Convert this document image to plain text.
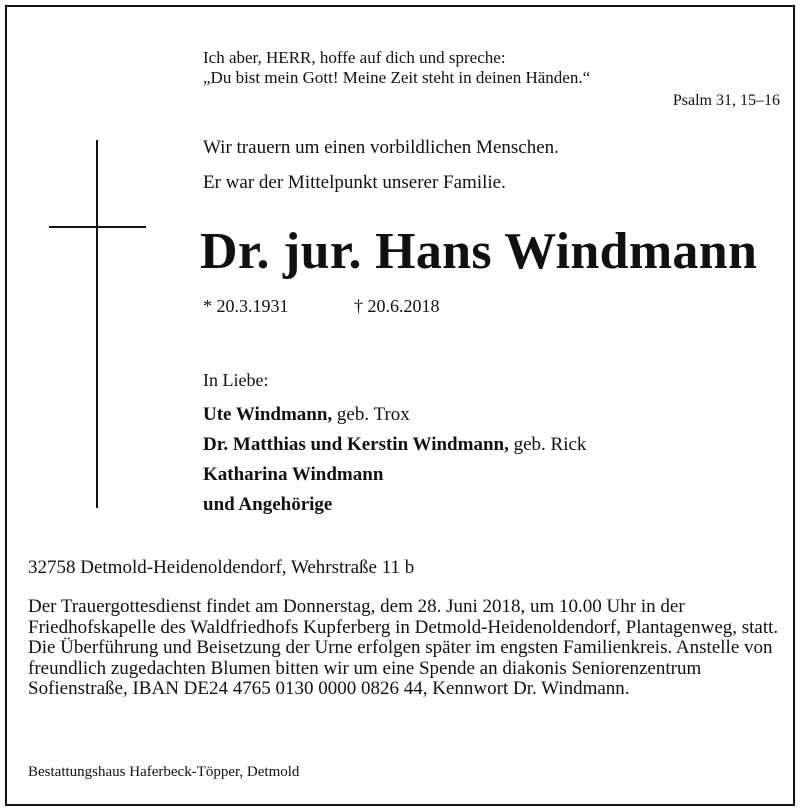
Ich aber, HERR, hoffe auf dich und spreche:
„Du bist mein Gott! Meine Zeit steht in deinen Händen.“
Psalm 31, 15–16
Wir trauern um einen vorbildlichen Menschen.
Er war der Mittelpunkt unserer Familie.
Dr. jur. Hans Windmann
* 20.3.1931	† 20.6.2018
In Liebe:
Ute Windmann, geb. Trox
Dr. Matthias und Kerstin Windmann, geb. Rick
Katharina Windmann
und Angehörige
32758 Detmold-Heidenoldendorf, Wehrstraße 11 b

Der Trauergottesdienst findet am Donnerstag, dem 28. Juni 2018, um 10.00 Uhr in der Friedhofskapelle des Waldfriedhofs Kupferberg in Detmold-Heidenoldendorf, Plantagenweg, statt.

Die Überführung und Beisetzung der Urne erfolgen später im engsten Familienkreis. Anstelle von freundlich zugedachten Blumen bitten wir um eine Spende an diakonis Seniorenzentrum Sofienstraße, IBAN DE24 4765 0130 0000 0826 44, Kennwort Dr. Windmann.

Bestattungshaus Haferbeck-Töpper, Detmold
